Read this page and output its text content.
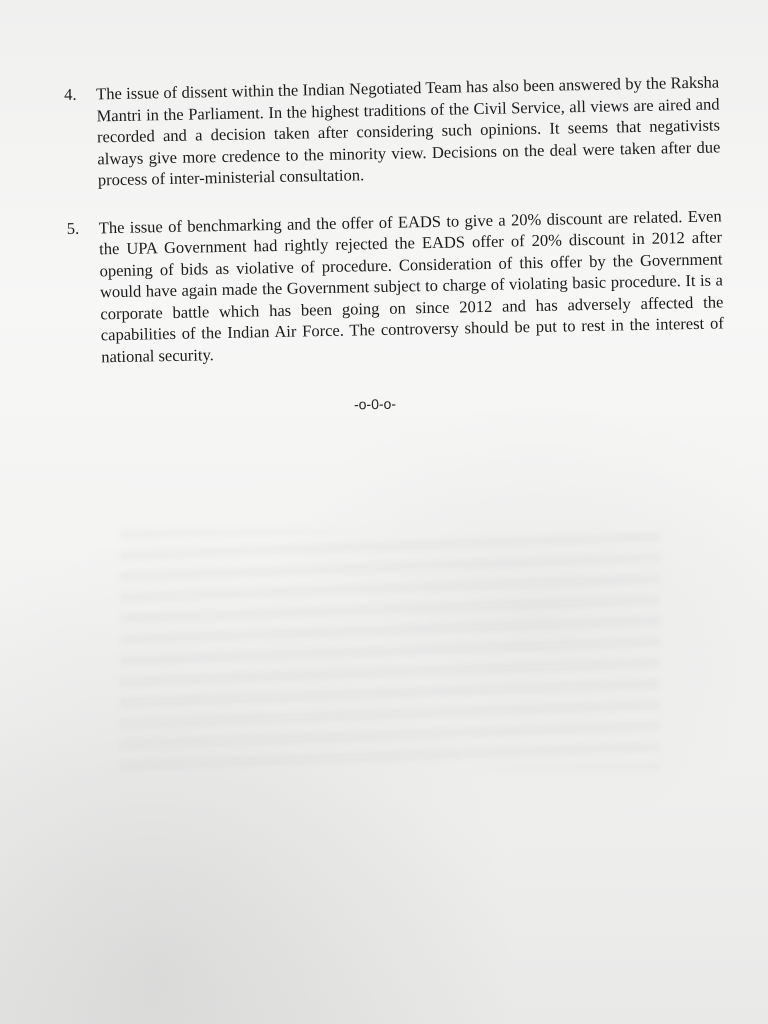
4.	The issue of dissent within the Indian Negotiated Team has also been answered by the Raksha Mantri in the Parliament. In the highest traditions of the Civil Service, all views are aired and recorded and a decision taken after considering such opinions. It seems that negativists always give more credence to the minority view. Decisions on the deal were taken after due process of inter-ministerial consultation.

5.	The issue of benchmarking and the offer of EADS to give a 20% discount are related. Even the UPA Government had rightly rejected the EADS offer of 20% discount in 2012 after opening of bids as violative of procedure. Consideration of this offer by the Government would have again made the Government subject to charge of violating basic procedure. It is a corporate battle which has been going on since 2012 and has adversely affected the capabilities of the Indian Air Force. The controversy should be put to rest in the interest of national security.

-o-0-o-
